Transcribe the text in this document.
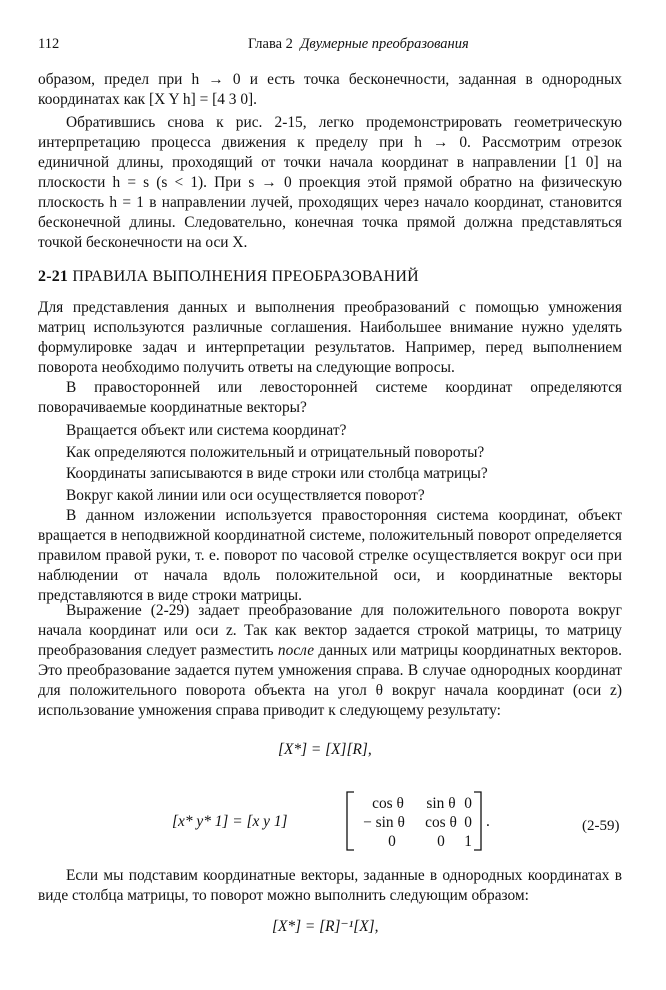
112	Глава 2 Двумерные преобразования

образом, предел при h → 0 и есть точка бесконечности, заданная в однородных координатах как [X Y h] = [4 3 0].

Обратившись снова к рис. 2-15, легко продемонстрировать геометрическую интерпретацию процесса движения к пределу при h → 0. Рассмотрим отрезок единичной длины, проходящий от точки начала координат в направлении [1 0] на плоскости h = s (s < 1). При s → 0 проекция этой прямой обратно на физическую плоскость h = 1 в направлении лучей, проходящих через начало координат, становится бесконечной длины. Следовательно, конечная точка прямой должна представляться точкой бесконечности на оси X.

2-21 ПРАВИЛА ВЫПОЛНЕНИЯ ПРЕОБРАЗОВАНИЙ

Для представления данных и выполнения преобразований с помощью умножения матриц используются различные соглашения. Наибольшее внимание нужно уделять формулировке задач и интерпретации результатов. Например, перед выполнением поворота необходимо получить ответы на следующие вопросы.

В правосторонней или левосторонней системе координат определяются поворачиваемые координатные векторы?

Вращается объект или система координат?
Как определяются положительный и отрицательный повороты?
Координаты записываются в виде строки или столбца матрицы?
Вокруг какой линии или оси осуществляется поворот?

В данном изложении используется правосторонняя система координат, объект вращается в неподвижной координатной системе, положительный поворот определяется правилом правой руки, т. е. поворот по часовой стрелке осуществляется вокруг оси при наблюдении от начала вдоль положительной оси, и координатные векторы представляются в виде строки матрицы.

Выражение (2-29) задает преобразование для положительного поворота вокруг начала координат или оси z. Так как вектор задается строкой матрицы, то матрицу преобразования следует разместить после данных или матрицы координатных векторов. Это преобразование задается путем умножения справа. В случае однородных координат для положительного поворота объекта на угол θ вокруг начала координат (оси z) использование умножения справа приводит к следующему результату:

[X*] = [X][R],
[x* y* 1] = [x y 1]
cos θ sin θ 0
− sin θ cos θ 0
0	0 1
.	(2-59)

Если мы подставим координатные векторы, заданные в однородных координатах в виде столбца матрицы, то поворот можно выполнить следующим образом:

[X*] = [R]⁻¹[X],
